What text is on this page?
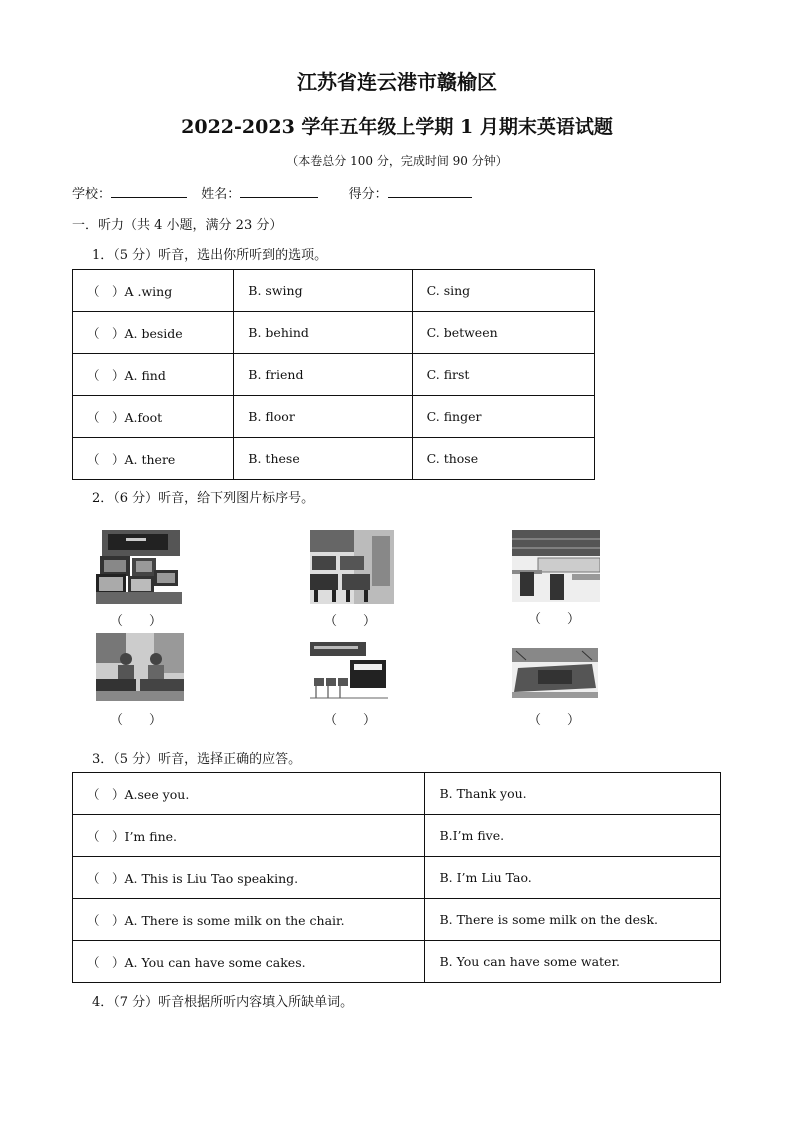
江苏省连云港市赣榆区
2022-2023 学年五年级上学期 1 月期末英语试题
（本卷总分 100 分，完成时间 90 分钟）
学校：	姓名：	得分：
一．听力（共 4 小题，满分 23 分）
1．（5 分）听音，选出你所听到的选项。
（　）A .wing	B. swing	C. sing
（　）A. beside	B. behind	C. between
（　）A. find	B. friend	C. first
（　）A.foot	B. floor	C. finger
（　）A. there	B. these	C. those
2．（6 分）听音，给下列图片标序号。
（　　）	（　　）	（　　）
（　　）	（　　）	（　　）
3．（5 分）听音，选择正确的应答。
（　）A.see you.	B. Thank you.
（　）I’m fine.	B.I’m five.
（　）A. This is Liu Tao speaking.	B. I’m Liu Tao.
（　）A. There is some milk on the chair.	B. There is some milk on the desk.
（　）A. You can have some cakes.	B. You can have some water.
4．（7 分）听音根据所听内容填入所缺单词。
